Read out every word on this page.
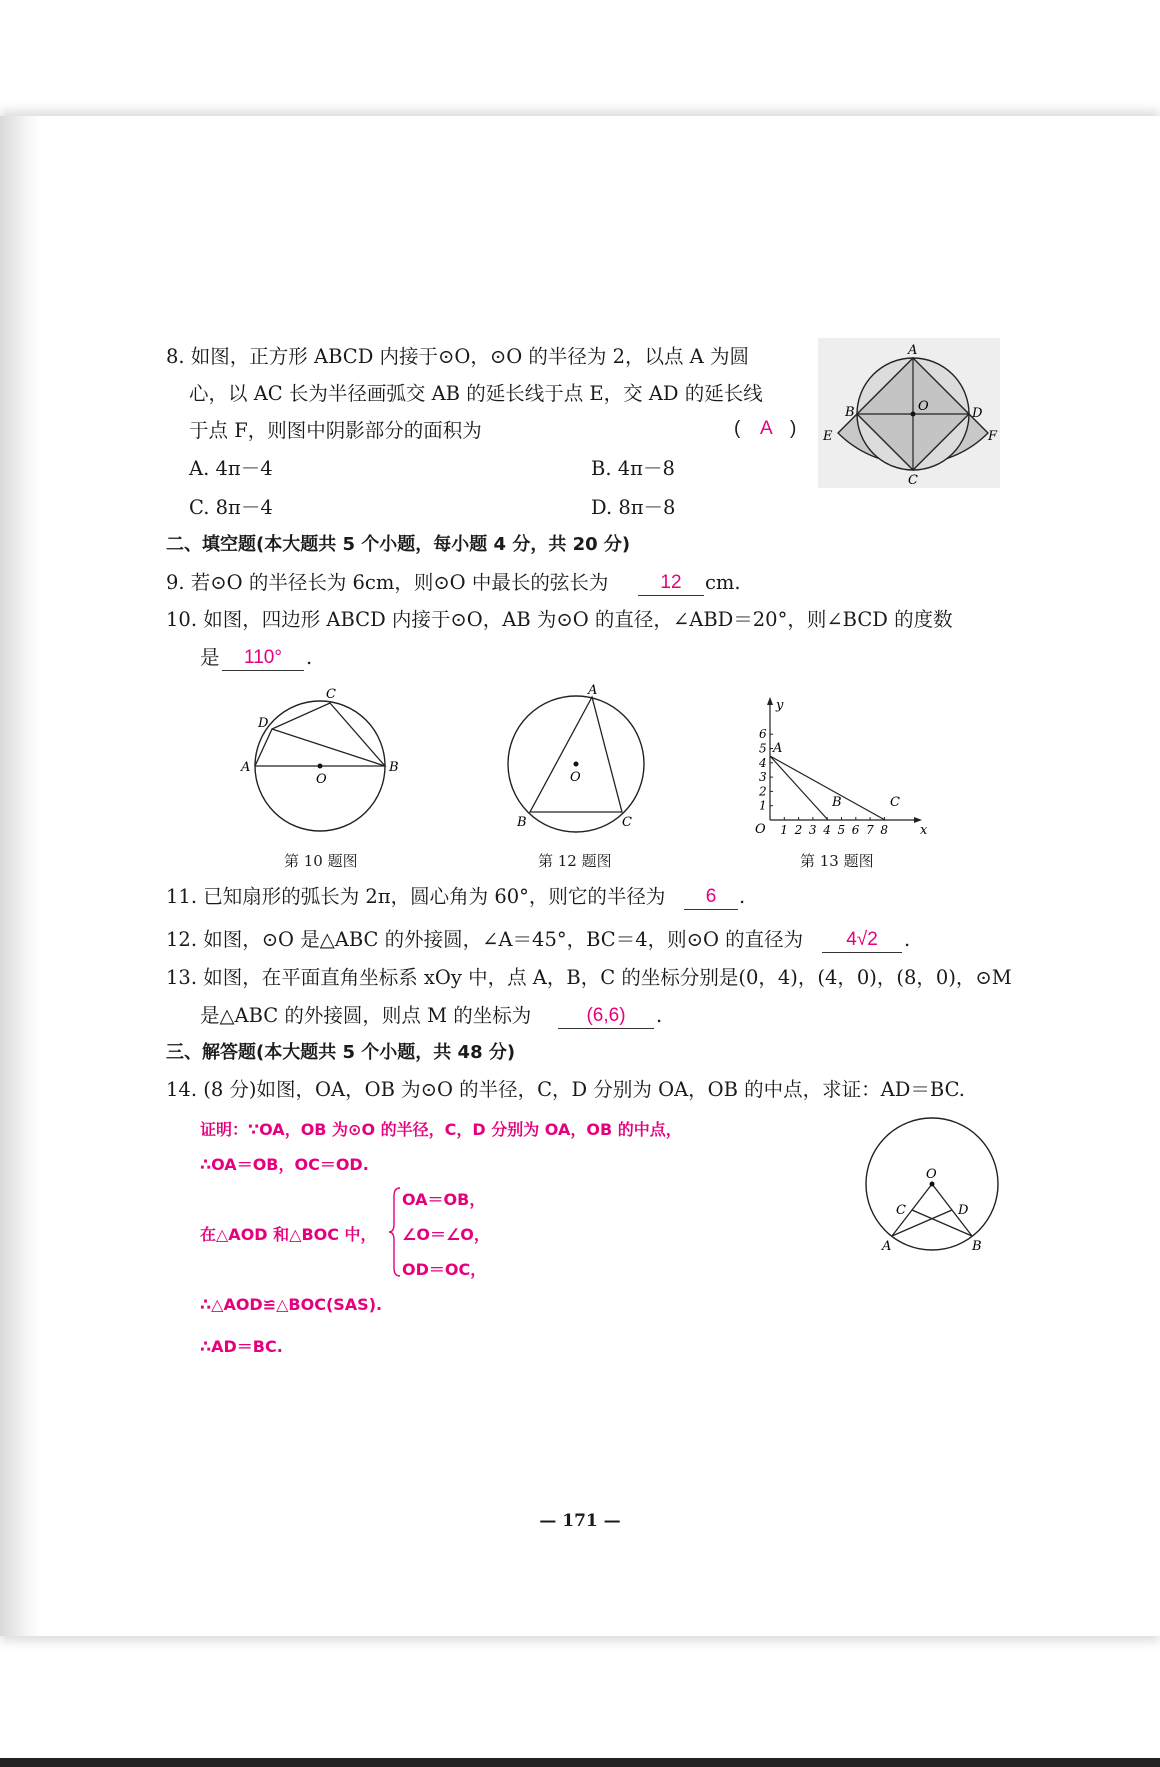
8. 如图，正方形 ABCD 内接于⊙O，⊙O 的半径为 2，以点 A 为圆
心，以 AC 长为半径画弧交 AB 的延长线于点 E，交 AD 的延长线
于点 F，则图中阴影部分的面积为	( A )
A. 4π－4	B. 4π－8
C. 8π－4	D. 8π－8
A
O
B	D
E	F
C
二、填空题(本大题共 5 个小题，每小题 4 分，共 20 分)
9. 若⊙O 的半径长为 6cm，则⊙O 中最长的弦长为	12	cm.
10. 如图，四边形 ABCD 内接于⊙O，AB 为⊙O 的直径，∠ABD＝20°，则∠BCD 的度数
是	110°	.
O
A	B
D
C
第 10 题图
O
A
B	C
第 12 题图
x
y
O 1
1
2
2
3
3
4
4
5
5
6
6
7 8
A
B	C
第 13 题图
11. 已知扇形的弧长为 2π，圆心角为 60°，则它的半径为	6	.
12. 如图，⊙O 是△ABC 的外接圆，∠A＝45°，BC＝4，则⊙O 的直径为	4√2	.
13. 如图，在平面直角坐标系 xOy 中，点 A，B，C 的坐标分别是(0，4)，(4，0)，(8，0)，⊙M
是△ABC 的外接圆，则点 M 的坐标为	(6,6)	.
三、解答题(本大题共 5 个小题，共 48 分)
14. (8 分)如图，OA，OB 为⊙O 的半径，C，D 分别为 OA，OB 的中点，求证：AD＝BC.
证明：∵OA，OB 为⊙O 的半径，C，D 分别为 OA，OB 的中点，
∴OA＝OB，OC＝OD.
在△AOD 和△BOC 中，
OA＝OB，
∠O＝∠O，
OD＝OC，
∴△AOD≌△BOC(SAS).
∴AD＝BC.
O
C	D
A	B
— 171 —
